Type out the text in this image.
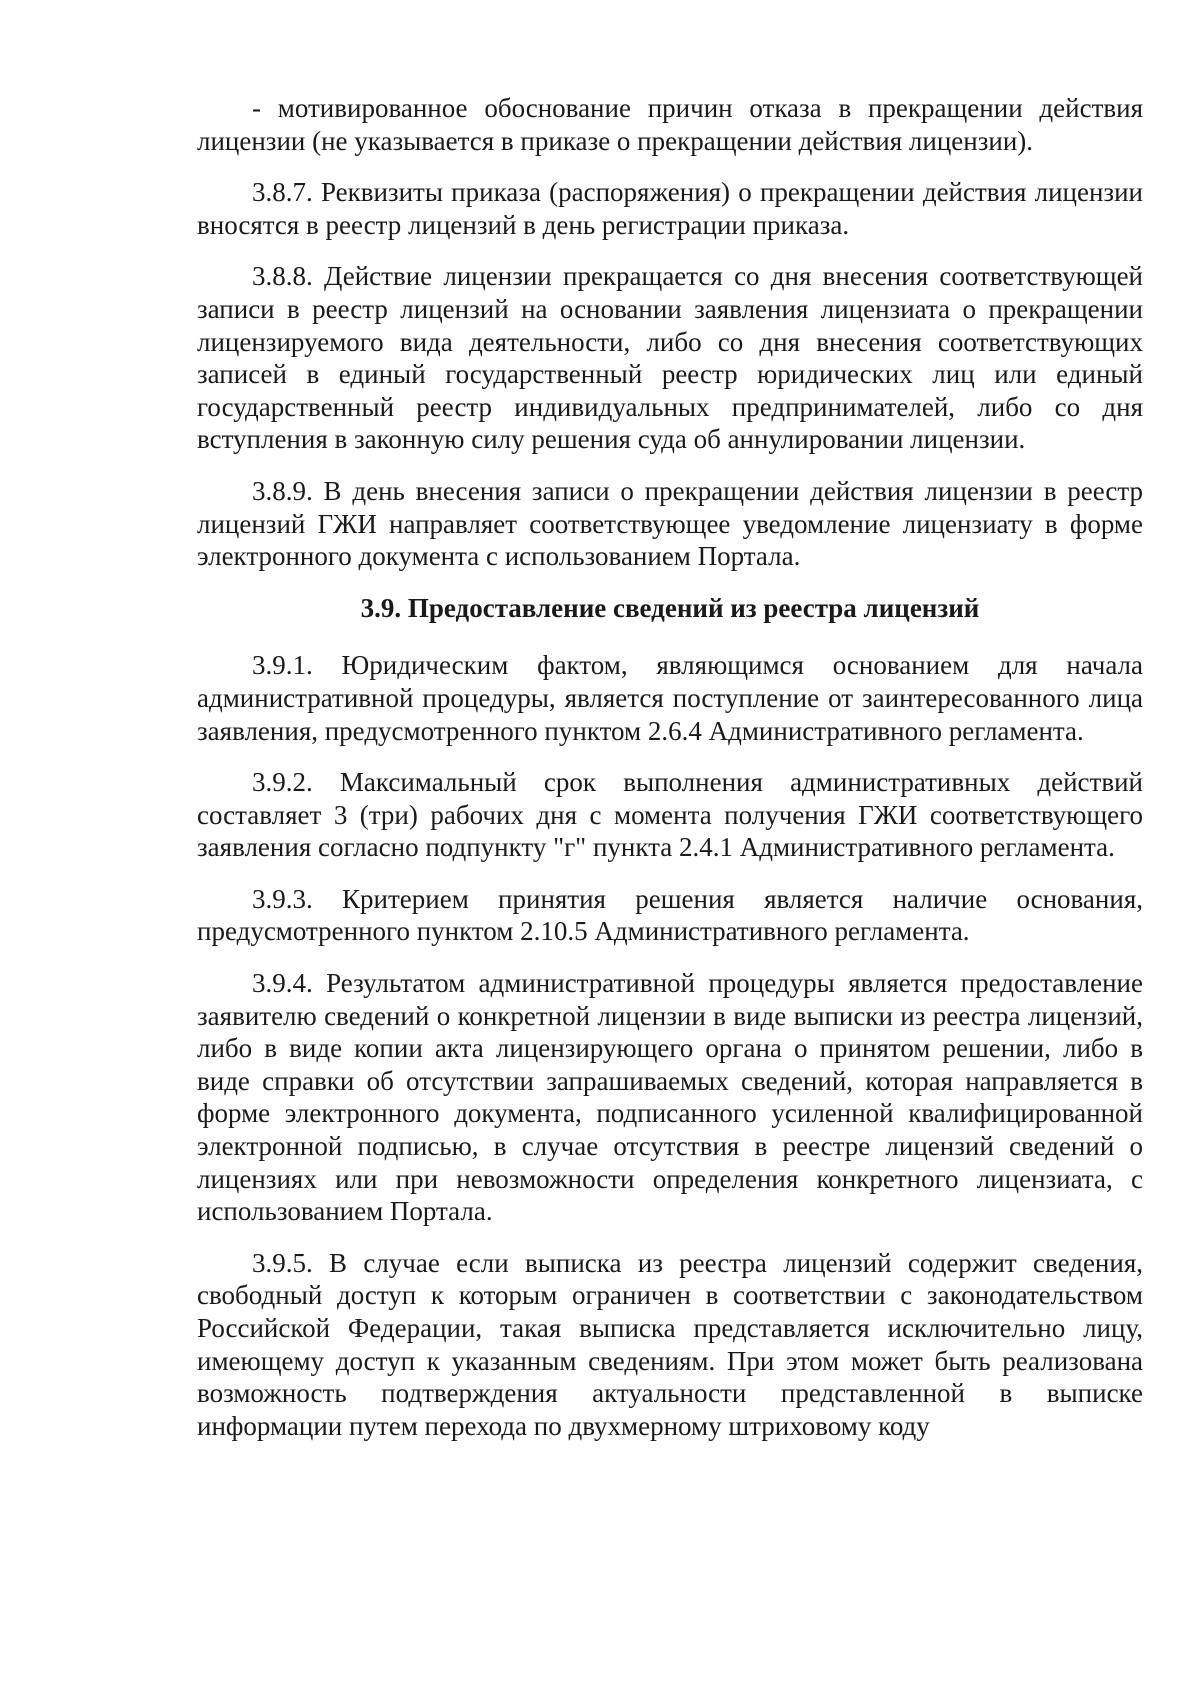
- мотивированное обоснование причин отказа в прекращении действия лицензии (не указывается в приказе о прекращении действия лицензии).

3.8.7. Реквизиты приказа (распоряжения) о прекращении действия лицензии вносятся в реестр лицензий в день регистрации приказа.

3.8.8. Действие лицензии прекращается со дня внесения соответствующей записи в реестр лицензий на основании заявления лицензиата о прекращении лицензируемого вида деятельности, либо со дня внесения соответствующих записей в единый государственный реестр юридических лиц или единый государственный реестр индивидуальных предпринимателей, либо со дня вступления в законную силу решения суда об аннулировании лицензии.

3.8.9. В день внесения записи о прекращении действия лицензии в реестр лицензий ГЖИ направляет соответствующее уведомление лицензиату в форме электронного документа с использованием Портала.

3.9. Предоставление сведений из реестра лицензий

3.9.1. Юридическим фактом, являющимся основанием для начала административной процедуры, является поступление от заинтересованного лица заявления, предусмотренного пунктом 2.6.4 Административного регламента.

3.9.2. Максимальный срок выполнения административных действий составляет 3 (три) рабочих дня с момента получения ГЖИ соответствующего заявления согласно подпункту "г" пункта 2.4.1 Административного регламента.

3.9.3. Критерием принятия решения является наличие основания, предусмотренного пунктом 2.10.5 Административного регламента.

3.9.4. Результатом административной процедуры является предоставление заявителю сведений о конкретной лицензии в виде выписки из реестра лицензий, либо в виде копии акта лицензирующего органа о принятом решении, либо в виде справки об отсутствии запрашиваемых сведений, которая направляется в форме электронного документа, подписанного усиленной квалифицированной электронной подписью, в случае отсутствия в реестре лицензий сведений о лицензиях или при невозможности определения конкретного лицензиата, с использованием Портала.

3.9.5. В случае если выписка из реестра лицензий содержит сведения, свободный доступ к которым ограничен в соответствии с законодательством Российской Федерации, такая выписка представляется исключительно лицу, имеющему доступ к указанным сведениям. При этом может быть реализована возможность подтверждения актуальности представленной в выписке информации путем перехода по двухмерному штриховому коду
